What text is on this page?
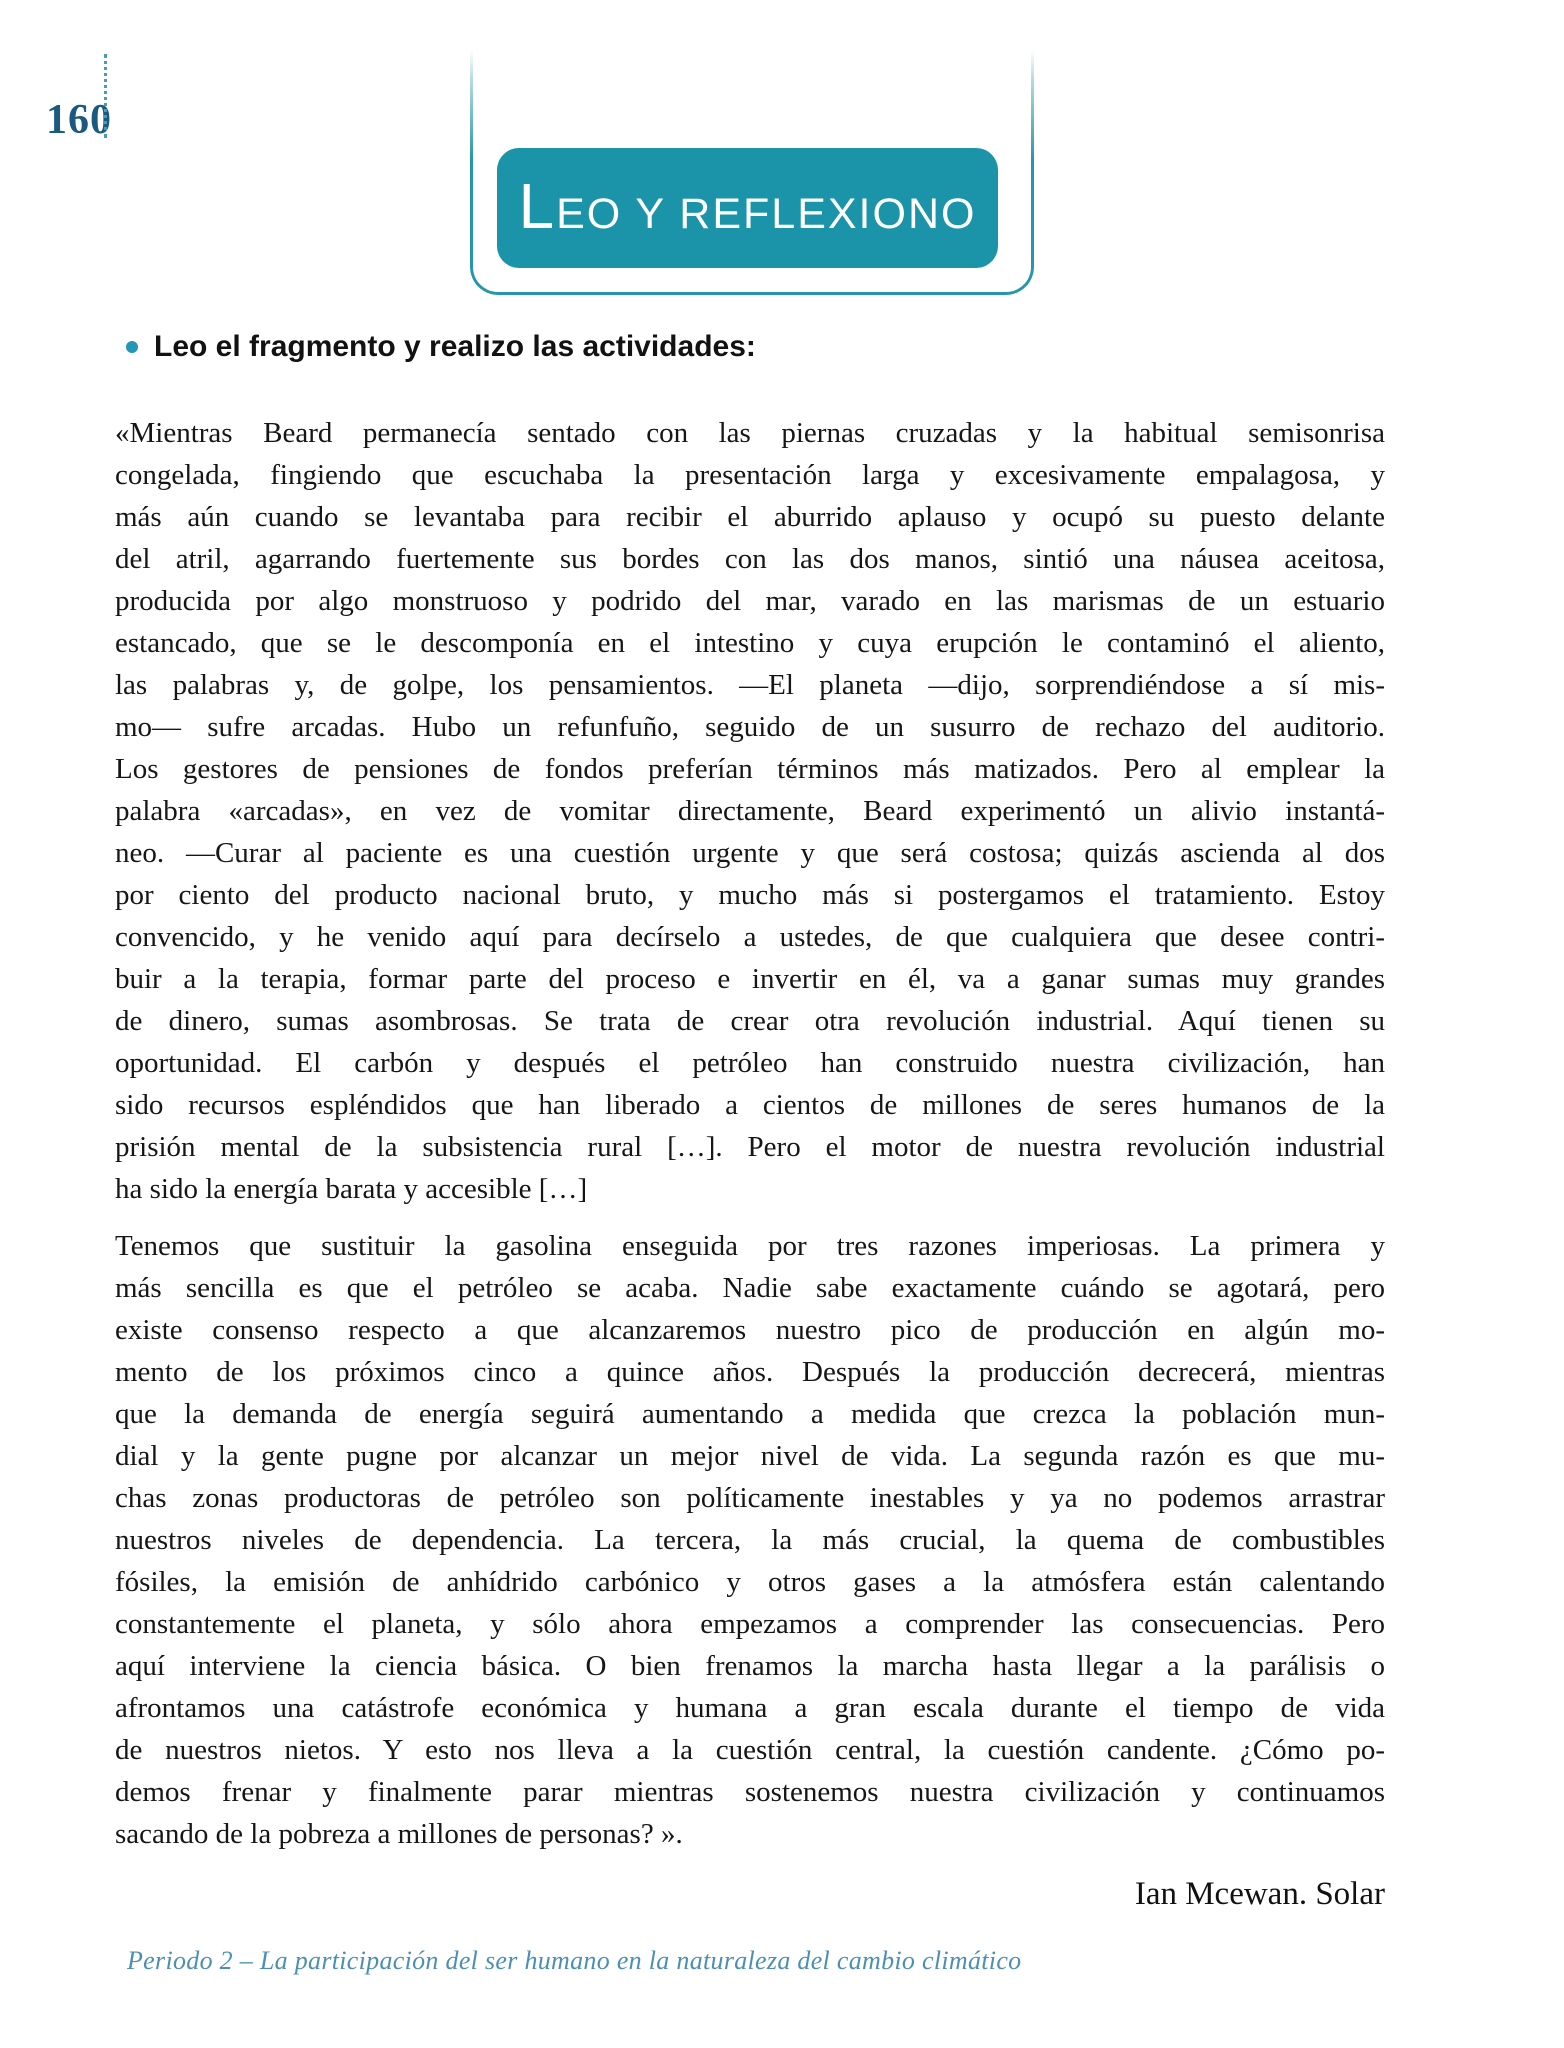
160
LEO Y REFLEXIONO
Leo el fragmento y realizo las actividades:
«Mientras Beard permanecía sentado con las piernas cruzadas y la habitual semisonrisa
congelada, fingiendo que escuchaba la presentación larga y excesivamente empalagosa, y
más aún cuando se levantaba para recibir el aburrido aplauso y ocupó su puesto delante
del atril, agarrando fuertemente sus bordes con las dos manos, sintió una náusea aceitosa,
producida por algo monstruoso y podrido del mar, varado en las marismas de un estuario
estancado, que se le descomponía en el intestino y cuya erupción le contaminó el aliento,
las palabras y, de golpe, los pensamientos. —El planeta —dijo, sorprendiéndose a sí mis-
mo— sufre arcadas. Hubo un refunfuño, seguido de un susurro de rechazo del auditorio.
Los gestores de pensiones de fondos preferían términos más matizados. Pero al emplear la
palabra «arcadas», en vez de vomitar directamente, Beard experimentó un alivio instantá-
neo. —Curar al paciente es una cuestión urgente y que será costosa; quizás ascienda al dos
por ciento del producto nacional bruto, y mucho más si postergamos el tratamiento. Estoy
convencido, y he venido aquí para decírselo a ustedes, de que cualquiera que desee contri-
buir a la terapia, formar parte del proceso e invertir en él, va a ganar sumas muy grandes
de dinero, sumas asombrosas. Se trata de crear otra revolución industrial. Aquí tienen su
oportunidad. El carbón y después el petróleo han construido nuestra civilización, han
sido recursos espléndidos que han liberado a cientos de millones de seres humanos de la
prisión mental de la subsistencia rural […]. Pero el motor de nuestra revolución industrial
ha sido la energía barata y accesible […]
Tenemos que sustituir la gasolina enseguida por tres razones imperiosas. La primera y
más sencilla es que el petróleo se acaba. Nadie sabe exactamente cuándo se agotará, pero
existe consenso respecto a que alcanzaremos nuestro pico de producción en algún mo-
mento de los próximos cinco a quince años. Después la producción decrecerá, mientras
que la demanda de energía seguirá aumentando a medida que crezca la población mun-
dial y la gente pugne por alcanzar un mejor nivel de vida. La segunda razón es que mu-
chas zonas productoras de petróleo son políticamente inestables y ya no podemos arrastrar
nuestros niveles de dependencia. La tercera, la más crucial, la quema de combustibles
fósiles, la emisión de anhídrido carbónico y otros gases a la atmósfera están calentando
constantemente el planeta, y sólo ahora empezamos a comprender las consecuencias. Pero
aquí interviene la ciencia básica. O bien frenamos la marcha hasta llegar a la parálisis o
afrontamos una catástrofe económica y humana a gran escala durante el tiempo de vida
de nuestros nietos. Y esto nos lleva a la cuestión central, la cuestión candente. ¿Cómo po-
demos frenar y finalmente parar mientras sostenemos nuestra civilización y continuamos
sacando de la pobreza a millones de personas? ».
Ian Mcewan. Solar
Periodo 2 – La participación del ser humano en la naturaleza del cambio climático
